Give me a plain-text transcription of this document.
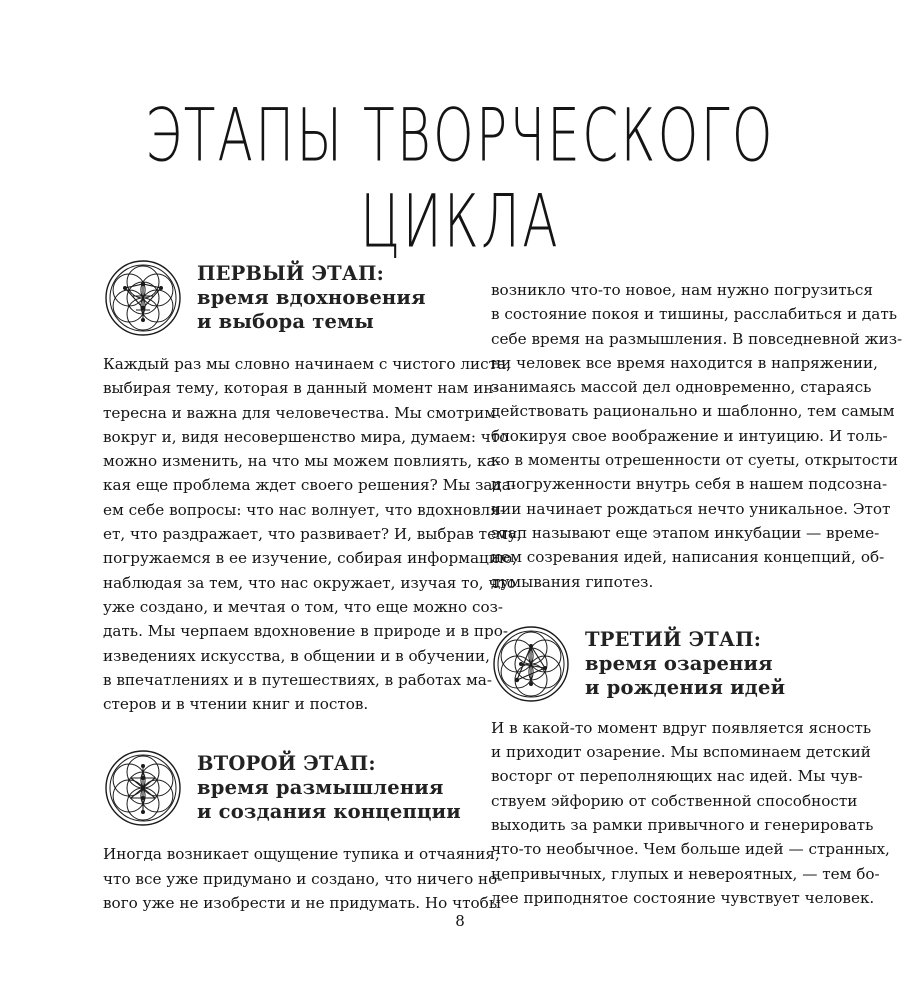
ЭТАПЫ ТВОРЧЕСКОГО ЦИКЛА
ПЕРВЫЙ ЭТАП:
время вдохновения
и выбора темы

Каждый раз мы словно начинаем с чистого листа,

выбирая тему, которая в данный момент нам ин-

тересна и важна для человечества. Мы смотрим

вокруг и, видя несовершенство мира, думаем: что

можно изменить, на что мы можем повлиять, ка-

кая еще проблема ждет своего решения? Мы зада-

ем себе вопросы: что нас волнует, что вдохновля-

ет, что раздражает, что развивает? И, выбрав тему,

погружаемся в ее изучение, собирая информацию,

наблюдая за тем, что нас окружает, изучая то, что

уже создано, и мечтая о том, что еще можно соз-

дать. Мы черпаем вдохновение в природе и в про-

изведениях искусства, в общении и в обучении,

в впечатлениях и в путешествиях, в работах ма-

стеров и в чтении книг и постов.

ВТОРОЙ ЭТАП:
время размышления
и создания концепции

Иногда возникает ощущение тупика и отчаяния,

что все уже придумано и создано, что ничего но-

вого уже не изобрести и не придумать. Но чтобы

возникло что-то новое, нам нужно погрузиться

в состояние покоя и тишины, расслабиться и дать

себе время на размышления. В повседневной жиз-

ни человек все время находится в напряжении,

занимаясь массой дел одновременно, стараясь

действовать рационально и шаблонно, тем самым

блокируя свое воображение и интуицию. И толь-

ко в моменты отрешенности от суеты, открытости

и погруженности внутрь себя в нашем подсозна-

нии начинает рождаться нечто уникальное. Этот

этап называют еще этапом инкубации — време-

нем созревания идей, написания концепций, об-

думывания гипотез.

ТРЕТИЙ ЭТАП:
время озарения
и рождения идей

И в какой-то момент вдруг появляется ясность

и приходит озарение. Мы вспоминаем детский

восторг от переполняющих нас идей. Мы чув-

ствуем эйфорию от собственной способности

выходить за рамки привычного и генерировать

что-то необычное. Чем больше идей — странных,

непривычных, глупых и невероятных, — тем бо-

лее приподнятое состояние чувствует человек.

8
